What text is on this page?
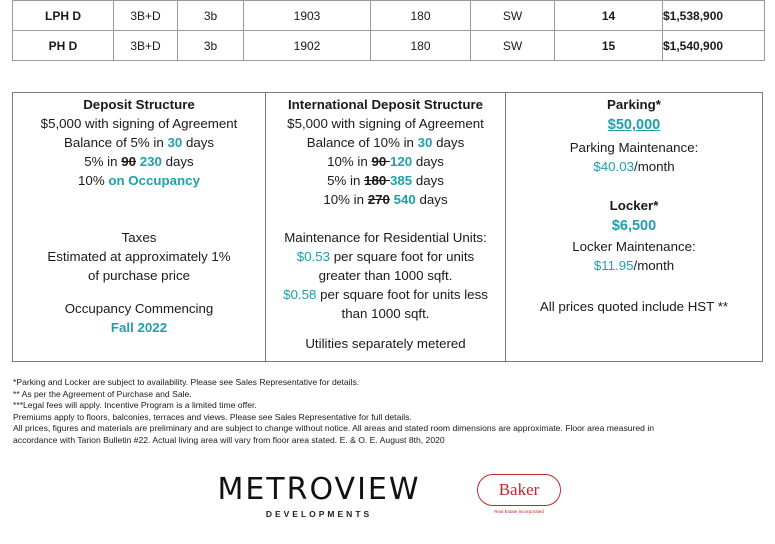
LPH D	3B+D	3b	1903	180	SW	14	$1,538,900
PH D	3B+D	3b	1902	180	SW	15	$1,540,900
Deposit Structure
$5,000 with signing of Agreement
Balance of 5% in 30 days
5% in 90 230 days
10% on Occupancy
Taxes
Estimated at approximately 1%
of purchase price
Occupancy Commencing
Fall 2022
International Deposit Structure
$5,000 with signing of Agreement
Balance of 10% in 30 days
10% in 90 120 days
5% in 180 385 days
10% in 270 540 days
Maintenance for Residential Units:
$0.53 per square foot for units
greater than 1000 sqft.
$0.58 per square foot for units less
than 1000 sqft.
Utilities separately metered
Parking*
$50,000
Parking Maintenance:
$40.03/month
Locker*
$6,500
Locker Maintenance:
$11.95/month
All prices quoted include HST **
*Parking and Locker are subject to availability. Please see Sales Representative for details.
** As per the Agreement of Purchase and Sale.
***Legal fees will apply. Incentive Program is a limited time offer.
Premiums apply to floors, balconies, terraces and views. Please see Sales Representative for full details.
All prices, figures and materials are preliminary and are subject to change without notice. All areas and stated room dimensions are approximate. Floor area measured in
accordance with Tarion Bulletin #22. Actual living area will vary from floor area stated. E. & O. E. August 8th, 2020
METROVIEW
DEVELOPMENTS
Baker
Real Estate Incorporated
